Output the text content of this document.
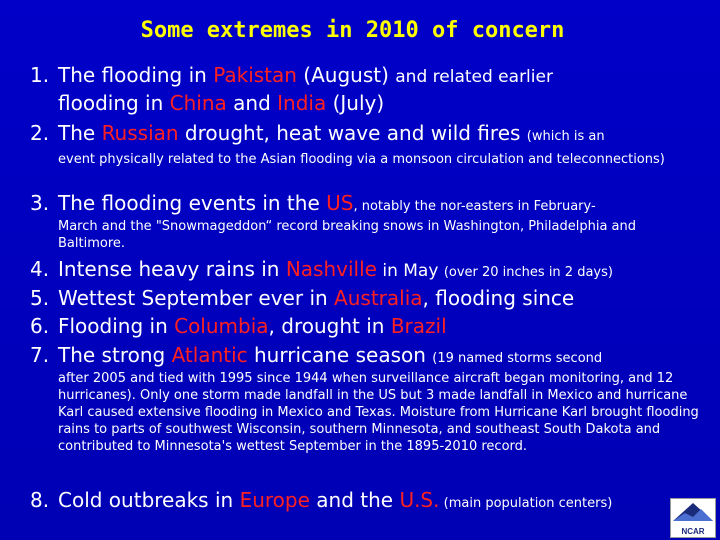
Some extremes in 2010 of concern
1. The flooding in Pakistan (August) and related earlier
flooding in China and India (July)
2. The Russian drought, heat wave and wild fires (which is an
event physically related to the Asian flooding via a monsoon circulation and teleconnections)
3. The flooding events in the US, notably the nor-easters in February-
March and the "Snowmageddon“ record breaking snows in Washington, Philadelphia and Baltimore.
4. Intense heavy rains in Nashville in May (over 20 inches in 2 days)
5. Wettest September ever in Australia, flooding since
6. Flooding in Columbia, drought in Brazil
7. The strong Atlantic hurricane season (19 named storms second
after 2005 and tied with 1995 since 1944 when surveillance aircraft began monitoring, and 12 hurricanes). Only one storm made landfall in the US but 3 made landfall in Mexico and hurricane Karl caused extensive flooding in Mexico and Texas. Moisture from Hurricane Karl brought flooding rains to parts of southwest Wisconsin, southern Minnesota, and southeast South Dakota and contributed to Minnesota's wettest September in the 1895-2010 record.
8. Cold outbreaks in Europe and the U.S. (main population centers)
NCAR
